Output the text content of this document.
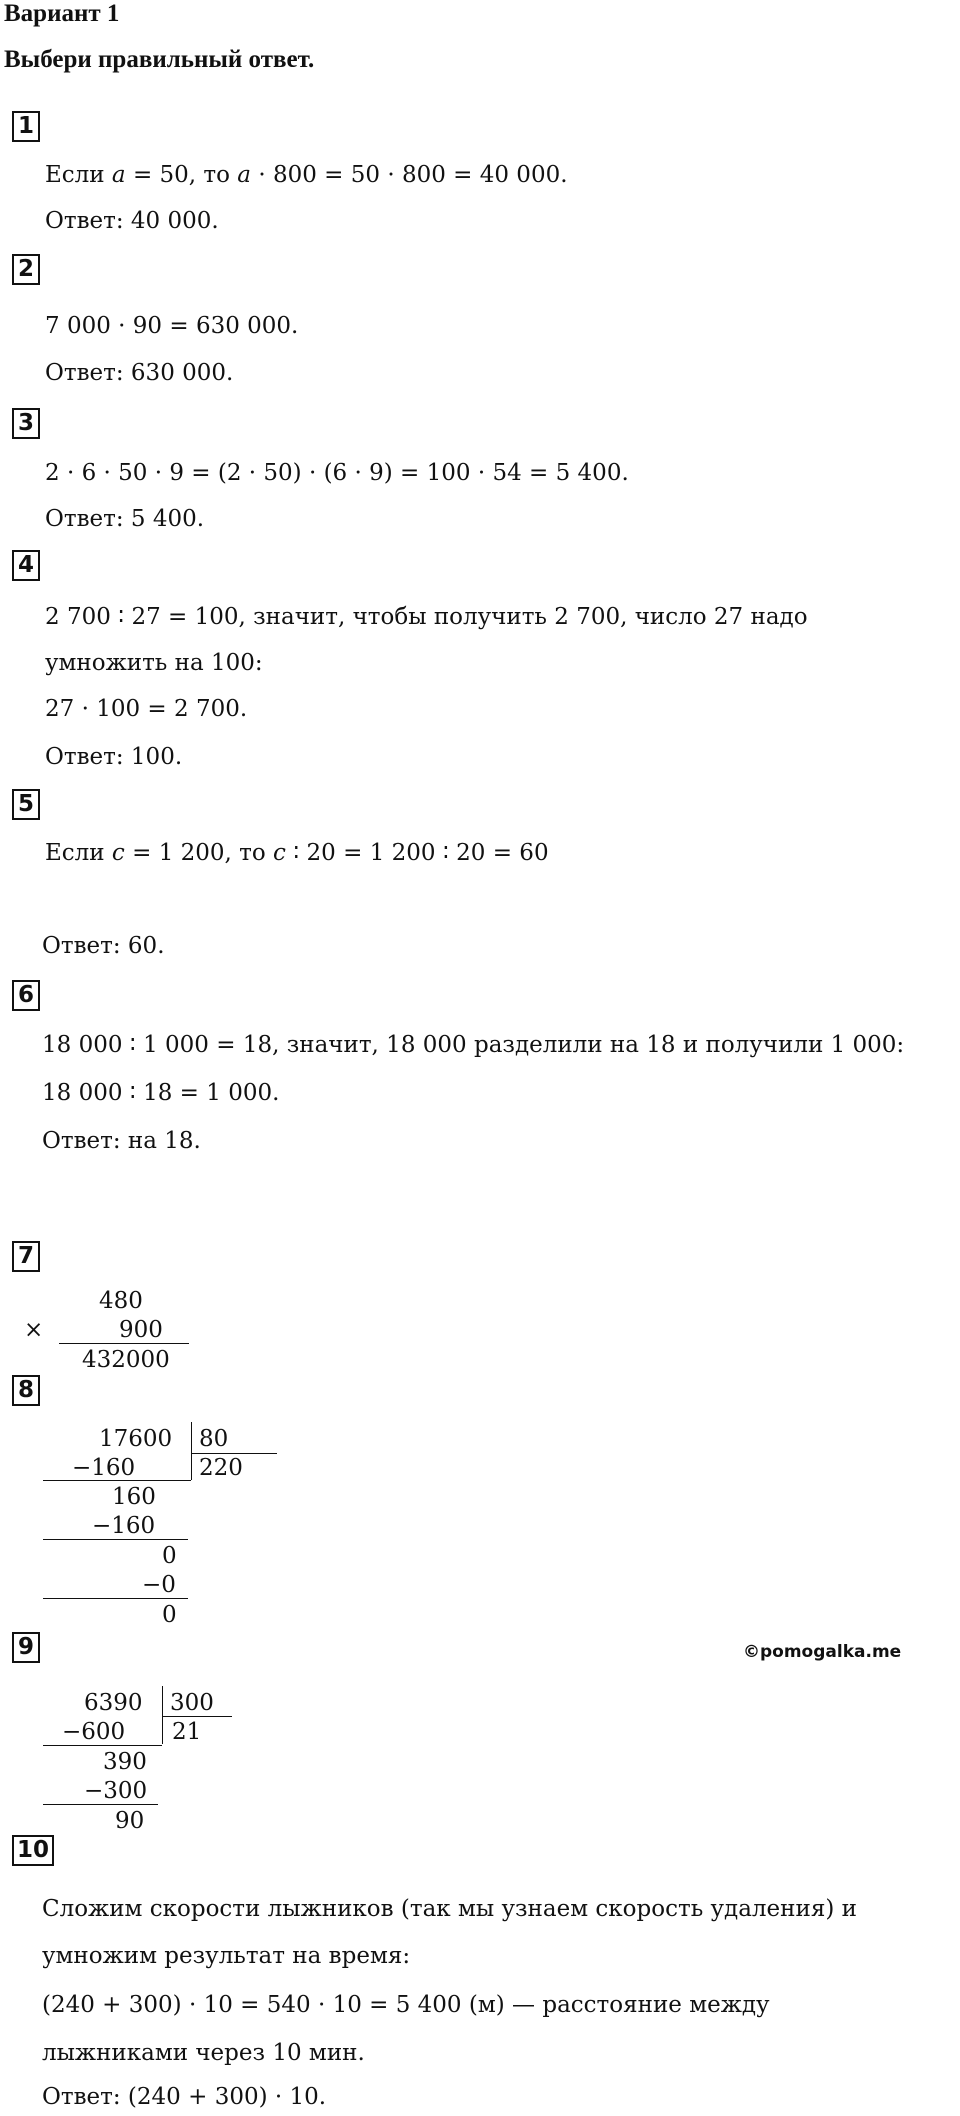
Вариант 1
Выбери правильный ответ.
1
Если 𝑎 = 50, то 𝑎 · 800 = 50 · 800 = 40 000.
Ответ: 40 000.
2
7 000 · 90 = 630 000.
Ответ: 630 000.
3
2 · 6 · 50 · 9 = (2 · 50) · (6 · 9) = 100 · 54 = 5 400.
Ответ: 5 400.
4
2 700 ∶ 27 = 100, значит, чтобы получить 2 700, число 27 надо
умножить на 100:
27 · 100 = 2 700.
Ответ: 100.
5
Если 𝑐 = 1 200, то 𝑐 ∶ 20 = 1 200 ∶ 20 = 60
Ответ: 60.
6
18 000 ∶ 1 000 = 18, значит, 18 000 разделили на 18 и получили 1 000:
18 000 ∶ 18 = 1 000.
Ответ: на 18.
7
480
×	900
432000
8
17600 80
−160	220
160
−160
0
−0
0
9	©pomogalka.me
6390 300
−600 21
390
−300
90
10
Сложим скорости лыжников (так мы узнаем скорость удаления) и
умножим результат на время:
(240 + 300) · 10 = 540 · 10 = 5 400 (м) — расстояние между
лыжниками через 10 мин.
Ответ: (240 + 300) · 10.
